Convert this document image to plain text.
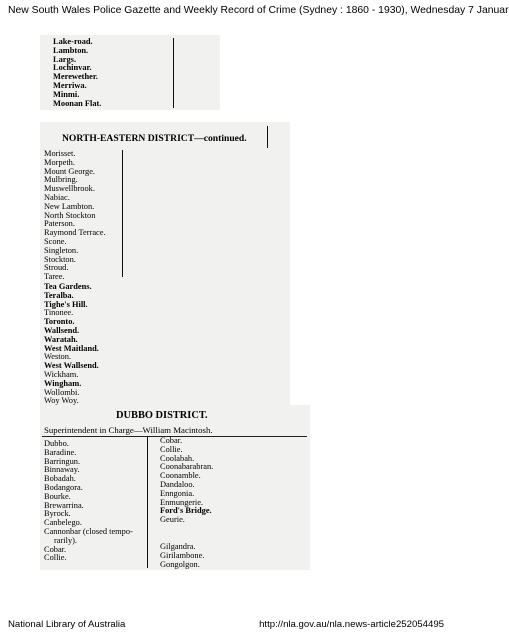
New South Wales Police Gazette and Weekly Record of Crime (Sydney : 1860 - 1930), Wednesday 7 Januar
Lake-road.
Lambton.
Largs.
Lochinvar.
Merewether.
Merriwa.
Minmi.
Moonan Flat.
NORTH-EASTERN DISTRICT—continued.
Morisset.
Morpeth.
Mount George.
Mulbring.
Muswellbrook.
Nabiac.
New Lambton.
North Stockton
Paterson.
Raymond Terrace.
Scone.
Singleton.
Stockton.
Stroud.
Taree.
Tea Gardens.
Teralba.
Tighe's Hill.
Tinonee.
Toronto.
Wallsend.
Waratah.
West Maitland.
Weston.
West Wallsend.
Wickham.
Wingham.
Wollombi.
Woy Woy.
DUBBO DISTRICT.
Superintendent in Charge—William Macintosh.
Dubbo.
Baradine.
Barringun.
Binnaway.
Bobadah.
Bodangora.
Bourke.
Brewarrina.
Byrock.
Canbelego.
Cannonbar (closed tempo-
rarily).
Cobar.
Collie.
Cobar.
Collie.
Coolabah.
Coonabarabran.
Coonamble.
Dandaloo.
Enngonia.
Enmungerie.
Ford's Bridge.
Geurie.
Gilgandra.
Girilambone.
Gongolgon.
National Library of Australia	http://nla.gov.au/nla.news-article252054495
